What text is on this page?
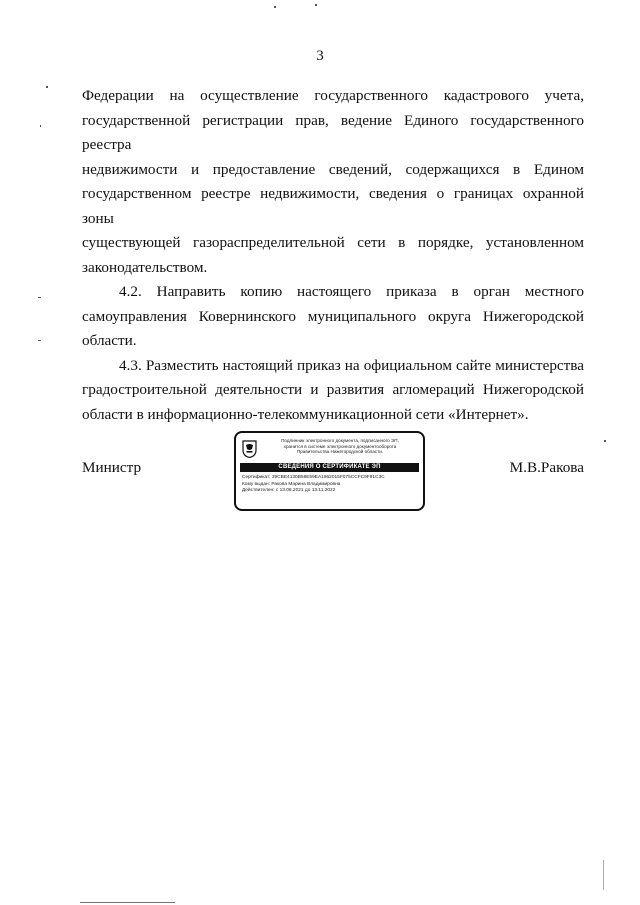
3
Федерации на осуществление государственного кадастрового учета,
государственной регистрации прав, ведение Единого государственного реестра
недвижимости и предоставление сведений, содержащихся в Едином
государственном реестре недвижимости, сведения о границах охранной зоны
существующей газораспределительной сети в порядке, установленном
законодательством.
4.2. Направить копию настоящего приказа в орган местного
самоуправления Ковернинского муниципального округа Нижегородской
области.
4.3. Разместить настоящий приказ на официальном сайте министерства
градостроительной деятельности и развития агломераций Нижегородской
области в информационно-телекоммуникационной сети «Интернет».
Министр	М.В.Ракова
Подлинник электронного документа, подписанного ЭП,
хранится в системе электронного документооборота
Правительства Нижегородской области.
СВЕДЕНИЯ О СЕРТИФИКАТЕ ЭП
Сертификат: 39CBE4130B58E59EA1862015F075CCFC9F91C3C
Кому выдан: Ракова Марина Владимировна
Действителен: с 13.08.2021 до 13.11.2022
